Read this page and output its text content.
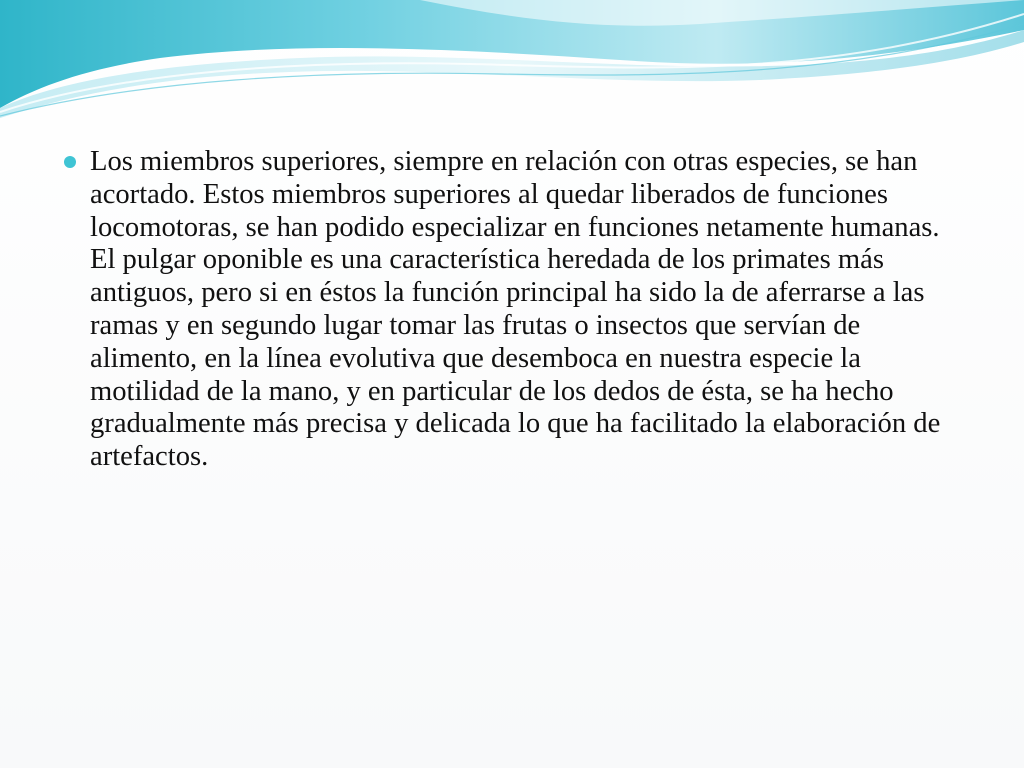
Los miembros superiores, siempre en relación con otras especies, se han acortado. Estos miembros superiores al quedar liberados de funciones locomotoras, se han podido especializar en funciones netamente humanas. El pulgar oponible es una característica heredada de los primates más antiguos, pero si en éstos la función principal ha sido la de aferrarse a las ramas y en segundo lugar tomar las frutas o insectos que servían de alimento, en la línea evolutiva que desemboca en nuestra especie la motilidad de la mano, y en particular de los dedos de ésta, se ha hecho gradualmente más precisa y delicada lo que ha facilitado la elaboración de artefactos.
